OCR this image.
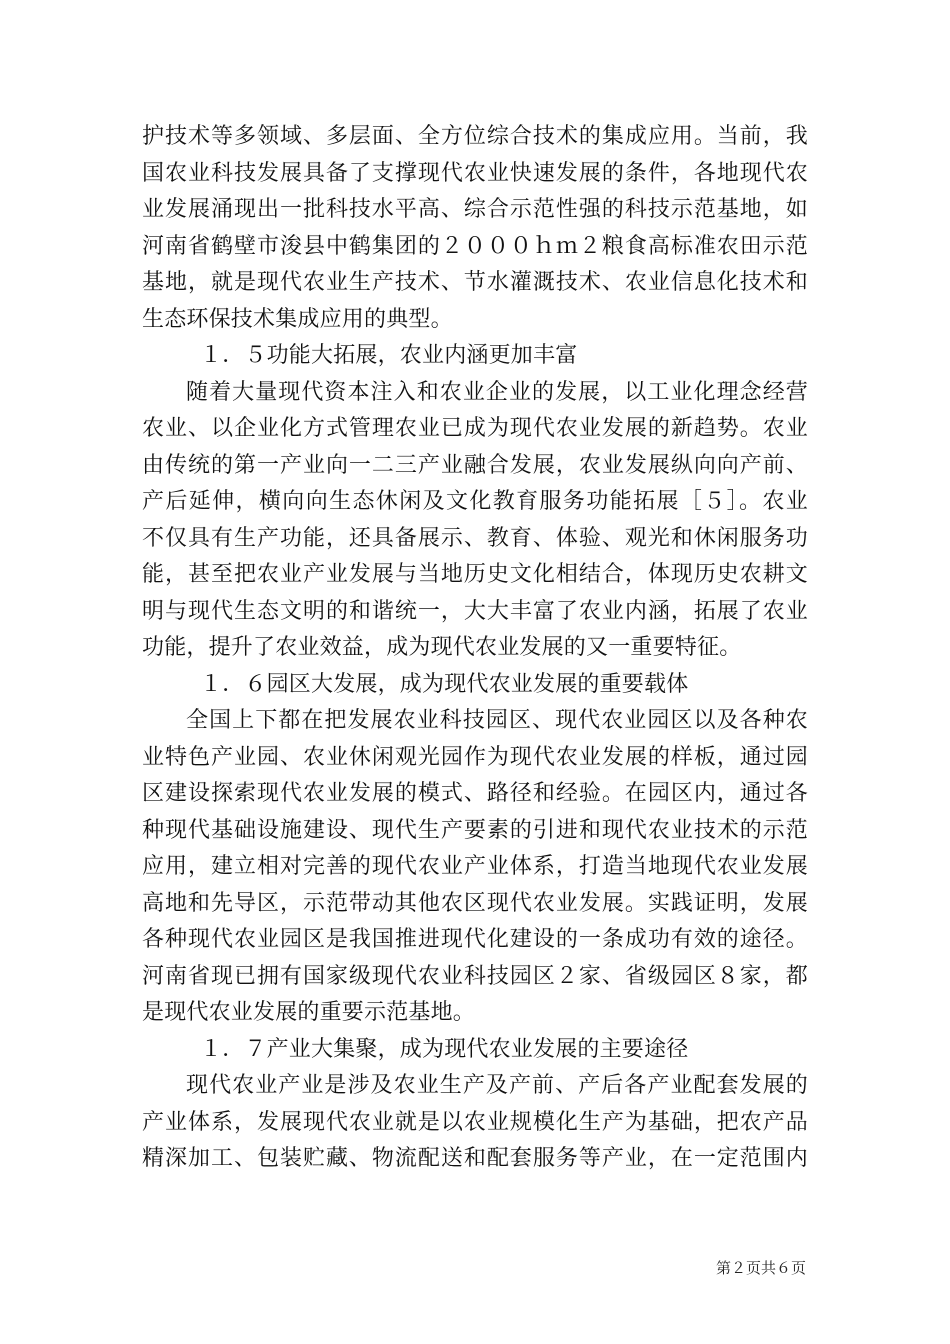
护技术等多领域、多层面、全方位综合技术的集成应用。当前，我
国农业科技发展具备了支撑现代农业快速发展的条件，各地现代农
业发展涌现出一批科技水平高、综合示范性强的科技示范基地，如
河南省鹤壁市浚县中鹤集团的２０００ｈｍ２粮食高标准农田示范
基地，就是现代农业生产技术、节水灌溉技术、农业信息化技术和
生态环保技术集成应用的典型。
１．５功能大拓展，农业内涵更加丰富
随着大量现代资本注入和农业企业的发展，以工业化理念经营
农业、以企业化方式管理农业已成为现代农业发展的新趋势。农业
由传统的第一产业向一二三产业融合发展，农业发展纵向向产前、
产后延伸，横向向生态休闲及文化教育服务功能拓展［５］。农业
不仅具有生产功能，还具备展示、教育、体验、观光和休闲服务功
能，甚至把农业产业发展与当地历史文化相结合，体现历史农耕文
明与现代生态文明的和谐统一，大大丰富了农业内涵，拓展了农业
功能，提升了农业效益，成为现代农业发展的又一重要特征。
１．６园区大发展，成为现代农业发展的重要载体
全国上下都在把发展农业科技园区、现代农业园区以及各种农
业特色产业园、农业休闲观光园作为现代农业发展的样板，通过园
区建设探索现代农业发展的模式、路径和经验。在园区内，通过各
种现代基础设施建设、现代生产要素的引进和现代农业技术的示范
应用，建立相对完善的现代农业产业体系，打造当地现代农业发展
高地和先导区，示范带动其他农区现代农业发展。实践证明，发展
各种现代农业园区是我国推进现代化建设的一条成功有效的途径。
河南省现已拥有国家级现代农业科技园区２家、省级园区８家，都
是现代农业发展的重要示范基地。
１．７产业大集聚，成为现代农业发展的主要途径
现代农业产业是涉及农业生产及产前、产后各产业配套发展的
产业体系，发展现代农业就是以农业规模化生产为基础，把农产品
精深加工、包装贮藏、物流配送和配套服务等产业，在一定范围内
第２页共６页
